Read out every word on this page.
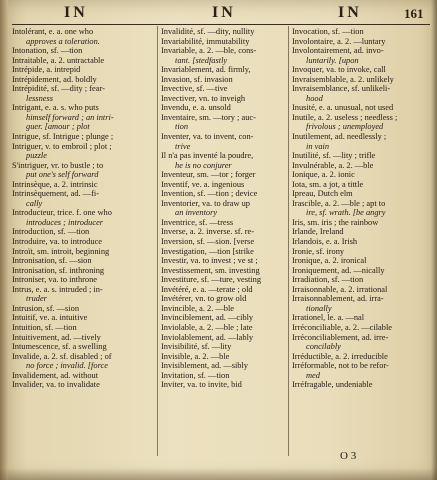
IN	IN	IN	161
Intolérant, e. a. one who
approves a toleration.
Intonation, sf. —tion
Intraitable, a. 2. untractable
Intrépide, a. intrepid
Intrépidement, ad. boldly
Intrépidité, sf. —dity ; fear-
lessness
Intrigant, e. a. s. who puts
himself forward ; an intri-
guer. [amour ; plot
Intrigue, sf. Intrigue ; plunge ;
Intriguer, v. to embroil ; plot ;
puzzle
S'intriguer, vr. to bustle ; to
put one's self forward
Intrinsèque, a. 2. intrinsic
Intrinsèquement, ad. —fi-
cally
Introducteur, trice. f. one who
introduces ; introducer
Introduction, sf. —tion
Introduire, va. to introduce
Introït, sm. introit, beginning
Intronisation, sf. —sion
Intronisation, sf. inthroning
Introniser, va. to inthrone
Intrus, e. a. s. intruded ; in-
truder
Intrusion, sf. —sion
Intuitif, ve. a. intuitive
Intuition, sf. —tion
Intuitivement, ad. —tively
Intumescence, sf. a swelling
Invalide, a. 2. sf. disabled ; of
no force ; invalid. [force
Invalidement, ad. without
Invalider, va. to invalidate
Invalidité, sf. —dity, nullity
Invariabilité, immutability
Invariable, a. 2. —ble, cons-
tant. [stedfastly
Invariablement, ad. firmly,
Invasion, sf. invasion
Invective, sf. —tive
Invectiver, vn. to inveigh
Invendu, e. a. unsold
Inventaire, sm. —tory ; auc-
tion
Inventer, va. to invent, con-
trive
Il n'a pas inventé la poudre,
he is no conjurer
Inventeur, sm. —tor ; forger
Inventif, ve. a. ingenious
Invention, sf. —tion ; device
Inventorier, va. to draw up
an inventory
Inventrice, sf. —tress
Inverse, a. 2. inverse. sf. re-
Inversion, sf. —sion. [verse
Investigation, —tion [strike
Investir, va. to invest ; ve st ;
Investissement, sm. investing
Investiture, sf. —ture, vesting
Invétéré, e. a. —terate ; old
Invétérer, vn. to grow old
Invincible, a. 2. —ble
Invinciblement, ad. —cibly
Inviolable, a. 2. —ble ; late
Inviolablement, ad. —lably
Invisibilité, sf. —lity
Invisible, a. 2. —ble
Invisiblement, ad. —sibly
Invitation, sf. —tion
Inviter, va. to invite, bid
Invocation, sf. —tion
Involontaire, a. 2. —luntary
Involontairement, ad. invo-
luntarily. [upon
Invoquer, va. to invoke, call
Invraisemblable, a. 2. unlikely
Invraisemblance, sf. unlikeli-
hood
Inusité, e. a. unusual, not used
Inutile, a. 2. useless ; needless ;
frivolous ; unemployed
Inutilement, ad. needlessly ;
in vain
Inutilité, sf. —lity ; trifle
Invulnérable, a. 2. —ble
Ionique, a. 2. ionic
Iota, sm. a jot, a tittle
Ipreau, Dutch elm
Irascible, a. 2. —ble ; apt to
ire, sf. wrath. [be angry
Iris, sm. iris ; the rainbow
Irlande, Ireland
Irlandois, e. a. Irish
Ironie, sf. irony
Ironique, a. 2. ironical
Ironiquement, ad. —nically
Irradiation, sf. —tion
Irraisonnable, a. 2. irrational
Irraisonnablement, ad. irra-
tionally
Irrationel, le. a. —nal
Irréconciliable, a. 2. —cilable
Irréconciliablement, ad. irre-
concilably
Irréductible, a. 2. irreducible
Irréformable, not to be refor-
med
Irréfragable, undeniable
O 3
